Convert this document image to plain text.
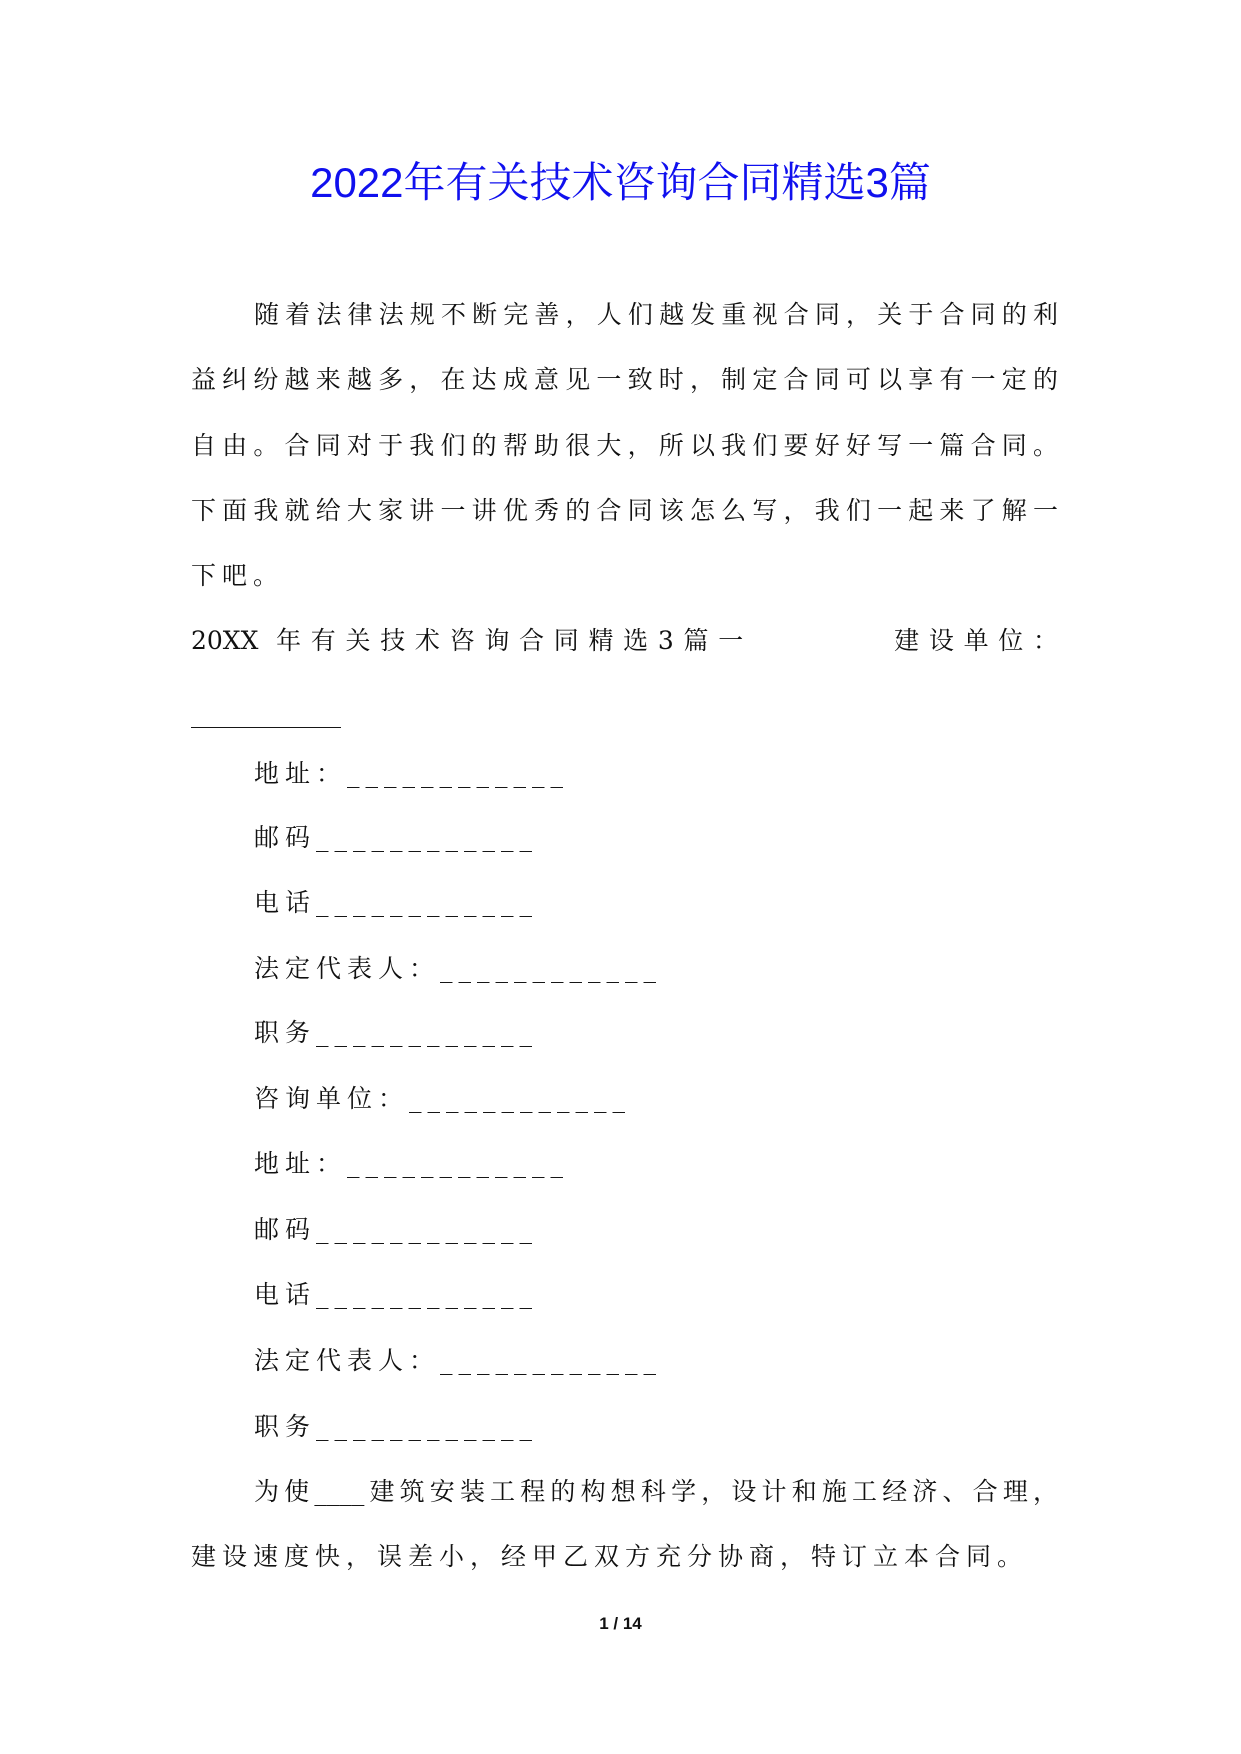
2022年有关技术咨询合同精选3篇
随着法律法规不断完善，人们越发重视合同，关于合同的利
益纠纷越来越多，在达成意见一致时，制定合同可以享有一定的
自由。合同对于我们的帮助很大，所以我们要好好写一篇合同。
下面我就给大家讲一讲优秀的合同该怎么写，我们一起来了解一
下吧。
20XX 年有关技术咨询合同精选3篇一        建设单位：
____________
地址：____________
邮码____________
电话____________
法定代表人：____________
职务____________
咨询单位：____________
地址：____________
邮码____________
电话____________
法定代表人：____________
职务____________
为使____建筑安装工程的构想科学，设计和施工经济、合理，
建设速度快，误差小，经甲乙双方充分协商，特订立本合同。
1 / 14
